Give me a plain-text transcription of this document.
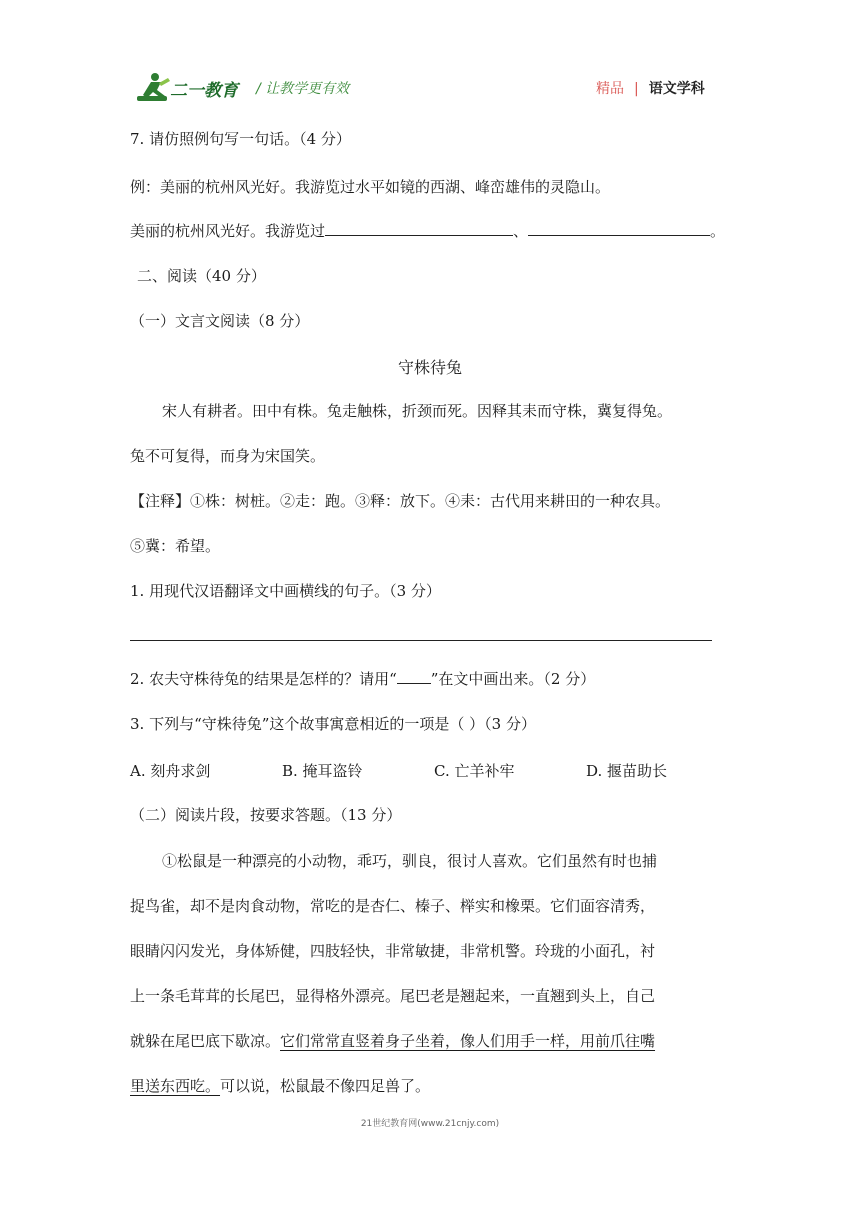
二一教育 / 让教学更有效	精品 | 语文学科
7. 请仿照例句写一句话。（4 分）
例：美丽的杭州风光好。我游览过水平如镜的西湖、峰峦雄伟的灵隐山。
美丽的杭州风光好。我游览过	、	。
二、阅读（40 分）
（一）文言文阅读（8 分）
守株待兔
宋人有耕者。田中有株。兔走触株，折颈而死。因释其耒而守株，冀复得兔。
兔不可复得，而身为宋国笑。
【注释】①株：树桩。②走：跑。③释：放下。④耒：古代用来耕田的一种农具。
⑤冀：希望。
1. 用现代汉语翻译文中画横线的句子。（3 分）
2. 农夫守株待兔的结果是怎样的？请用“ ”在文中画出来。（2 分）
3. 下列与“守株待兔”这个故事寓意相近的一项是（ ）（3 分）
A. 刻舟求剑	B. 掩耳盗铃	C. 亡羊补牢	D. 揠苗助长
（二）阅读片段，按要求答题。（13 分）
①松鼠是一种漂亮的小动物，乖巧，驯良，很讨人喜欢。它们虽然有时也捕
捉鸟雀，却不是肉食动物，常吃的是杏仁、榛子、榉实和橡栗。它们面容清秀，
眼睛闪闪发光，身体矫健，四肢轻快，非常敏捷，非常机警。玲珑的小面孔，衬
上一条毛茸茸的长尾巴，显得格外漂亮。尾巴老是翘起来，一直翘到头上，自己
就躲在尾巴底下歇凉。它们常常直竖着身子坐着，像人们用手一样，用前爪往嘴
里送东西吃。可以说，松鼠最不像四足兽了。
21世纪教育网(www.21cnjy.com)
